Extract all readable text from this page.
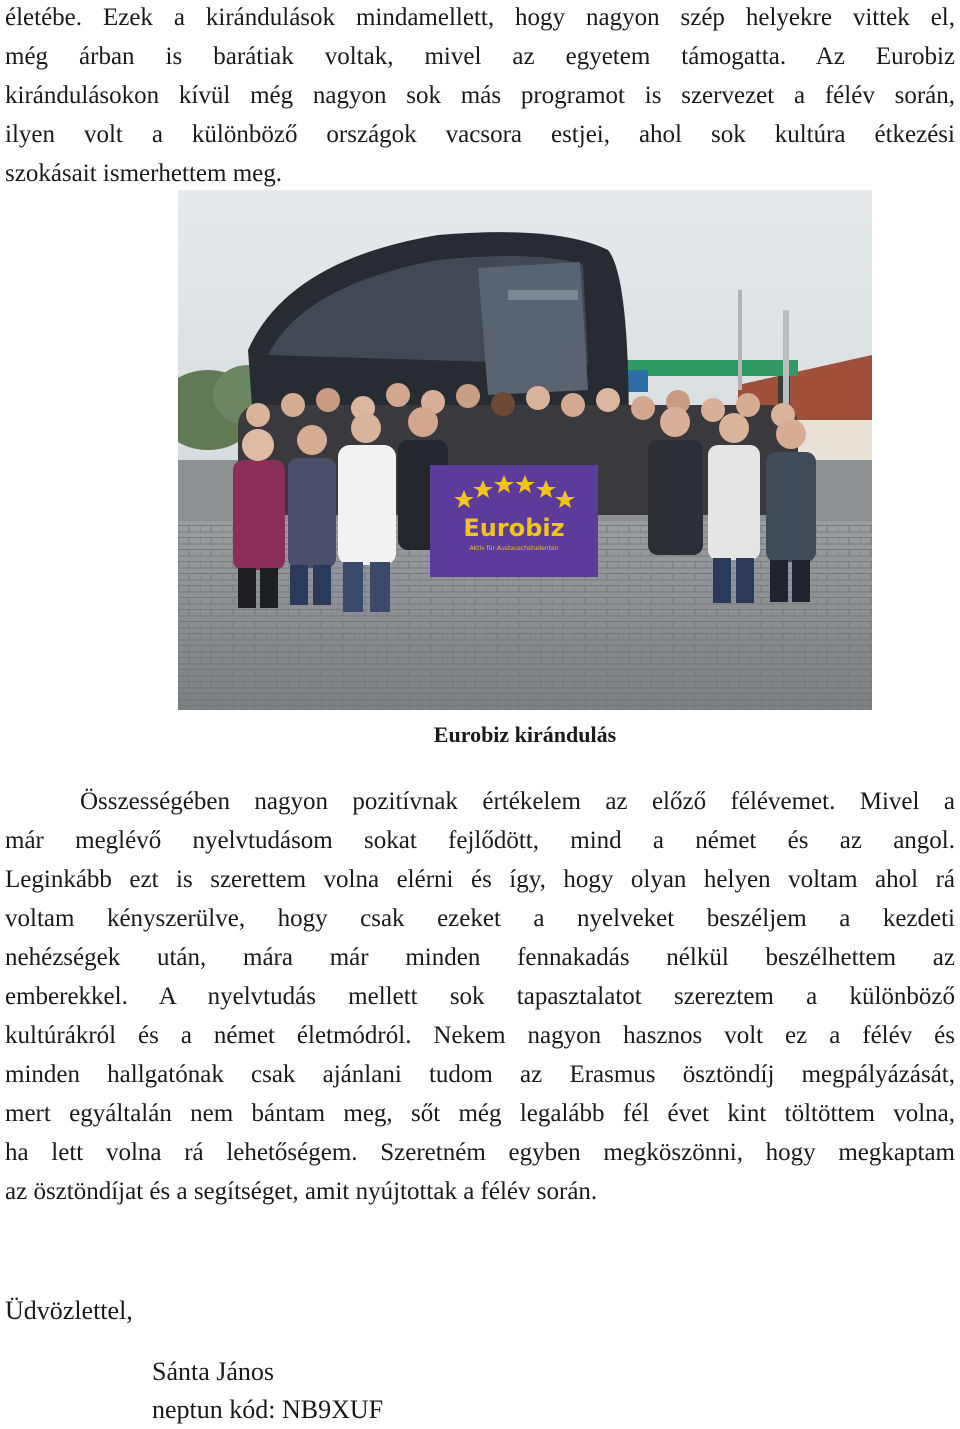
életébe. Ezek a kirándulások mindamellett, hogy nagyon szép helyekre vittek el,
még árban is barátiak voltak, mivel az egyetem támogatta. Az Eurobiz
kirándulásokon kívül még nagyon sok más programot is szervezet a félév során,
ilyen volt a különböző országok vacsora estjei, ahol sok kultúra étkezési
szokásait ismerhettem meg.
Eurobiz
Aktiv für Austauschstudenten
Eurobiz kirándulás
Összességében nagyon pozitívnak értékelem az előző félévemet. Mivel a
már meglévő nyelvtudásom sokat fejlődött, mind a német és az angol.
Leginkább ezt is szerettem volna elérni és így, hogy olyan helyen voltam ahol rá
voltam kényszerülve, hogy csak ezeket a nyelveket beszéljem a kezdeti
nehézségek után, mára már minden fennakadás nélkül beszélhettem az
emberekkel. A nyelvtudás mellett sok tapasztalatot szereztem a különböző
kultúrákról és a német életmódról. Nekem nagyon hasznos volt ez a félév és
minden hallgatónak csak ajánlani tudom az Erasmus ösztöndíj megpályázását,
mert egyáltalán nem bántam meg, sőt még legalább fél évet kint töltöttem volna,
ha lett volna rá lehetőségem. Szeretném egyben megköszönni, hogy megkaptam
az ösztöndíjat és a segítséget, amit nyújtottak a félév során.
Üdvözlettel,
Sánta János
neptun kód: NB9XUF
